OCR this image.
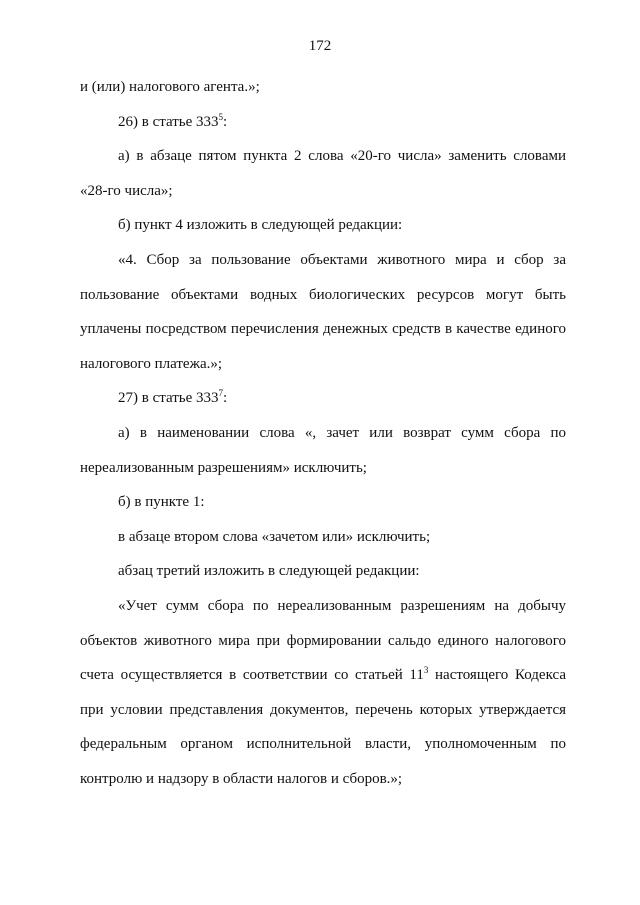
172

и (или) налогового агента.»;

26) в статье $333^5$:

а) в абзаце пятом пункта 2 слова «20-го числа» заменить словами «28-го числа»;

б) пункт 4 изложить в следующей редакции:

«4. Сбор за пользование объектами животного мира и сбор за пользование объектами водных биологических ресурсов могут быть уплачены посредством перечисления денежных средств в качестве единого налогового платежа.»;

27) в статье $333^7$:

а) в наименовании слова «, зачет или возврат сумм сбора по нереализованным разрешениям» исключить;

б) в пункте 1:

в абзаце втором слова «зачетом или» исключить;

абзац третий изложить в следующей редакции:

«Учет сумм сбора по нереализованным разрешениям на добычу объектов животного мира при формировании сальдо единого налогового счета осуществляется в соответствии со статьей $11^3$ настоящего Кодекса при условии представления документов, перечень которых утверждается федеральным органом исполнительной власти, уполномоченным по контролю и надзору в области налогов и сборов.»;
